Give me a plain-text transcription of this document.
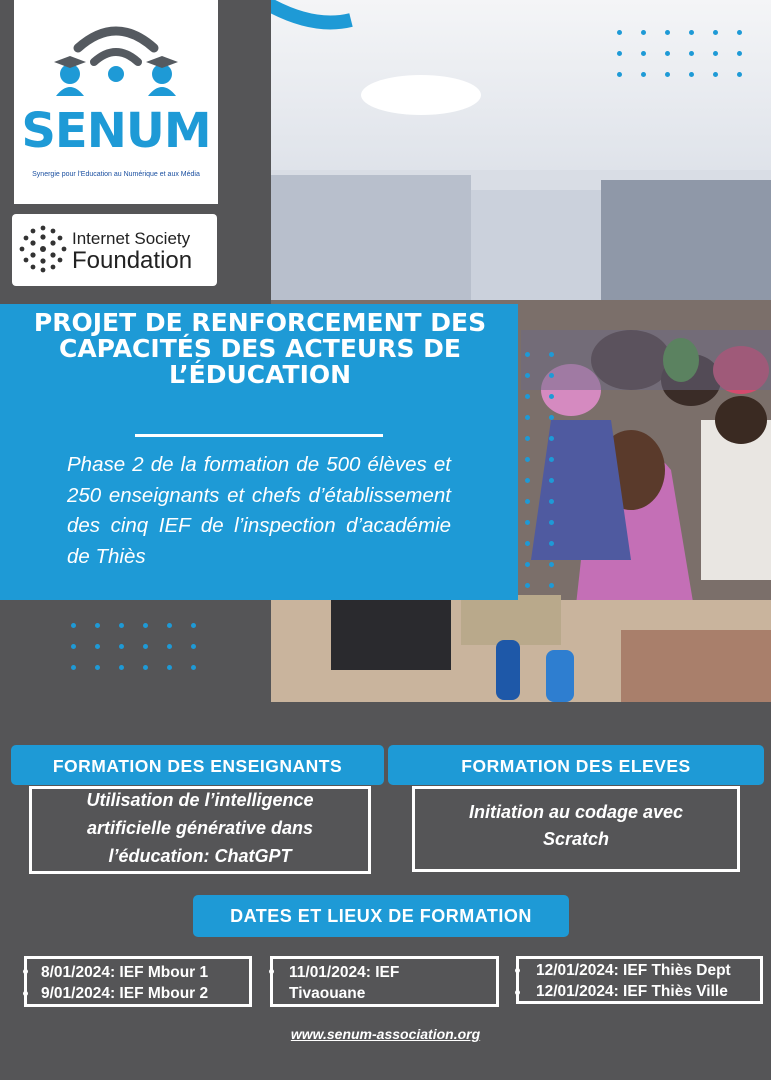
SENUM
Synergie pour l’Education au Numérique et aux Média
Internet Society
Foundation
PROJET DE RENFORCEMENT DES CAPACITÉS DES ACTEURS DE L’ÉDUCATION
Phase 2 de la formation de 500 élèves et 250 enseignants et chefs d’établissement des cinq IEF de l’inspection d’académie de Thiès
FORMATION DES ENSEIGNANTS	FORMATION DES ELEVES
Utilisation de l’intelligence
artificielle générative dans
l’éducation: ChatGPT
Initiation au codage avec
Scratch
DATES ET LIEUX DE FORMATION
8/01/2024: IEF Mbour 1
9/01/2024: IEF Mbour 2
11/01/2024: IEF
Tivaouane
12/01/2024: IEF Thiès Dept
12/01/2024: IEF Thiès Ville
www.senum-association.org
